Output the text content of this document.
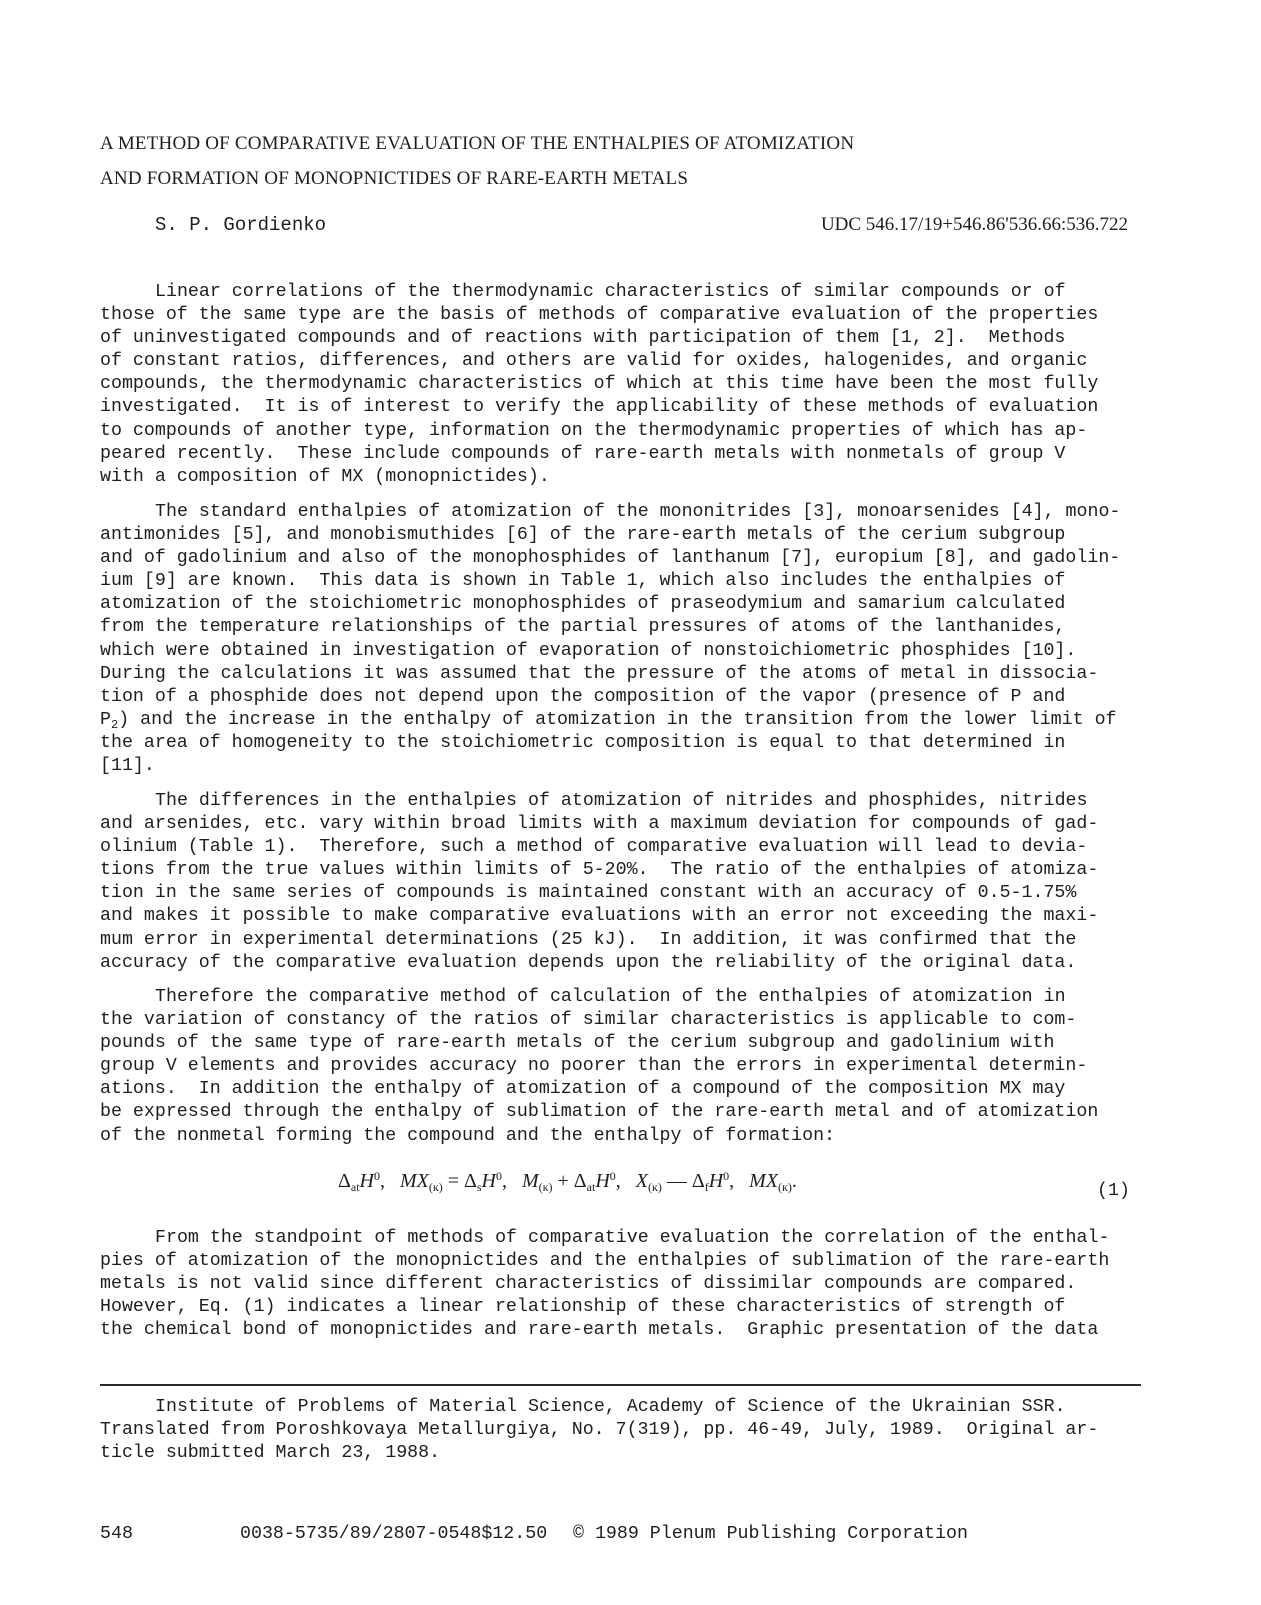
A METHOD OF COMPARATIVE EVALUATION OF THE ENTHALPIES OF ATOMIZATION
AND FORMATION OF MONOPNICTIDES OF RARE-EARTH METALS
S. P. Gordienko	UDC 546.17/19+546.86'536.66:536.722
Linear correlations of the thermodynamic characteristics of similar compounds or of
those of the same type are the basis of methods of comparative evaluation of the properties
of uninvestigated compounds and of reactions with participation of them [1, 2].  Methods
of constant ratios, differences, and others are valid for oxides, halogenides, and organic
compounds, the thermodynamic characteristics of which at this time have been the most fully
investigated.  It is of interest to verify the applicability of these methods of evaluation
to compounds of another type, information on the thermodynamic properties of which has ap-
peared recently.  These include compounds of rare-earth metals with nonmetals of group V
with a composition of MX (monopnictides).
The standard enthalpies of atomization of the mononitrides [3], monoarsenides [4], mono-
antimonides [5], and monobismuthides [6] of the rare-earth metals of the cerium subgroup
and of gadolinium and also of the monophosphides of lanthanum [7], europium [8], and gadolin-
ium [9] are known.  This data is shown in Table 1, which also includes the enthalpies of
atomization of the stoichiometric monophosphides of praseodymium and samarium calculated
from the temperature relationships of the partial pressures of atoms of the lanthanides,
which were obtained in investigation of evaporation of nonstoichiometric phosphides [10].
During the calculations it was assumed that the pressure of the atoms of metal in dissocia-
tion of a phosphide does not depend upon the composition of the vapor (presence of P and
$P_2$) and the increase in the enthalpy of atomization in the transition from the lower limit of
the area of homogeneity to the stoichiometric composition is equal to that determined in
[11].
The differences in the enthalpies of atomization of nitrides and phosphides, nitrides
and arsenides, etc. vary within broad limits with a maximum deviation for compounds of gad-
olinium (Table 1).  Therefore, such a method of comparative evaluation will lead to devia-
tions from the true values within limits of 5-20%.  The ratio of the enthalpies of atomiza-
tion in the same series of compounds is maintained constant with an accuracy of 0.5-1.75%
and makes it possible to make comparative evaluations with an error not exceeding the maxi-
mum error in experimental determinations (25 kJ).  In addition, it was confirmed that the
accuracy of the comparative evaluation depends upon the reliability of the original data.
Therefore the comparative method of calculation of the enthalpies of atomization in
the variation of constancy of the ratios of similar characteristics is applicable to com-
pounds of the same type of rare-earth metals of the cerium subgroup and gadolinium with
group V elements and provides accuracy no poorer than the errors in experimental determin-
ations.  In addition the enthalpy of atomization of a compound of the composition MX may
be expressed through the enthalpy of sublimation of the rare-earth metal and of atomization
of the nonmetal forming the compound and the enthalpy of formation:
$\Delta_{at}H^0$, $MX_{(к)} = \Delta_sH^0$, $M_{(к)} + \Delta_{at}H^0$, $X_{(к)}$ — $\Delta_fH^0$, $MX_{(к)}$.	(1)
From the standpoint of methods of comparative evaluation the correlation of the enthal-
pies of atomization of the monopnictides and the enthalpies of sublimation of the rare-earth
metals is not valid since different characteristics of dissimilar compounds are compared.
However, Eq. (1) indicates a linear relationship of these characteristics of strength of
the chemical bond of monopnictides and rare-earth metals.  Graphic presentation of the data
Institute of Problems of Material Science, Academy of Science of the Ukrainian SSR.
Translated from Poroshkovaya Metallurgiya, No. 7(319), pp. 46-49, July, 1989.  Original ar-
ticle submitted March 23, 1988.
548	0038-5735/89/2807-0548$12.50 © 1989 Plenum Publishing Corporation
